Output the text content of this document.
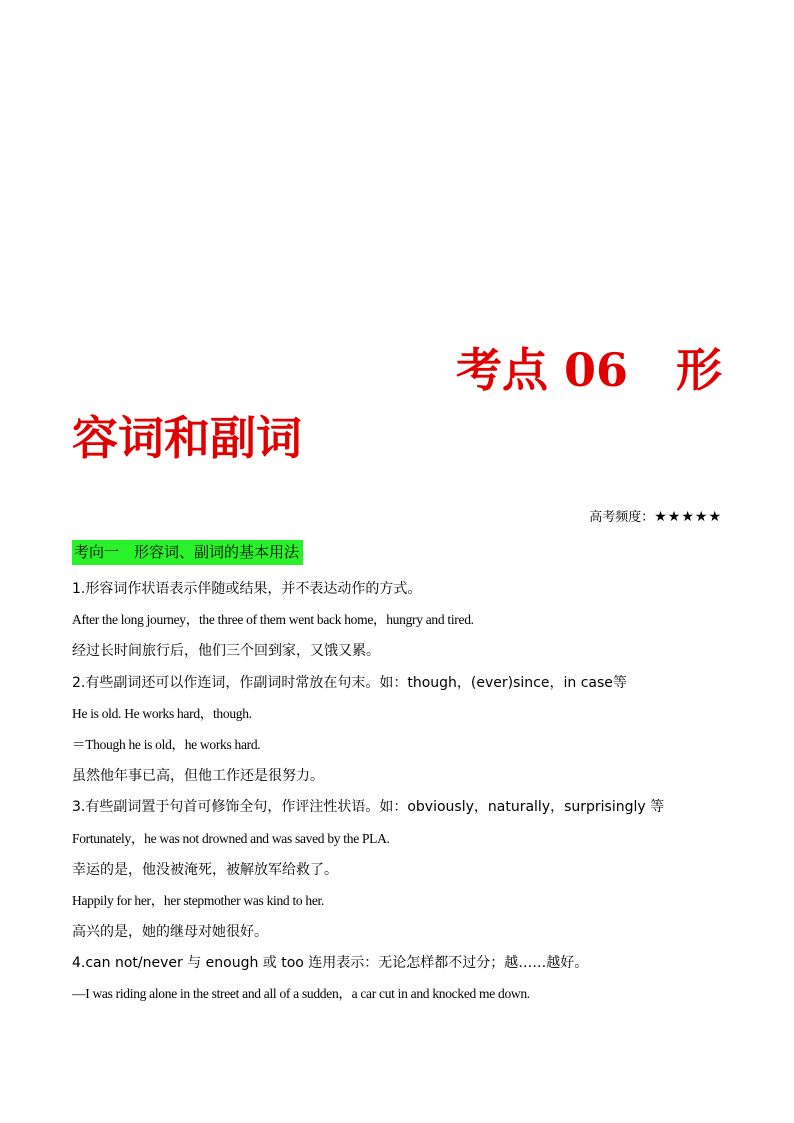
考点 06 形
容词和副词
高考频度：★★★★★
考向一　形容词、副词的基本用法
1.形容词作状语表示伴随或结果，并不表达动作的方式。
After the long journey，the three of them went back home，hungry and tired.
经过长时间旅行后，他们三个回到家，又饿又累。
2.有些副词还可以作连词，作副词时常放在句末。如：though，(ever)since，in case等
He is old. He works hard，though.
＝Though he is old，he works hard.
虽然他年事已高，但他工作还是很努力。
3.有些副词置于句首可修饰全句，作评注性状语。如：obviously，naturally，surprisingly 等
Fortunately，he was not drowned and was saved by the PLA.
幸运的是，他没被淹死，被解放军给救了。
Happily for her，her stepmother was kind to her.
高兴的是，她的继母对她很好。
4.can not/never 与 enough 或 too 连用表示：无论怎样都不过分；越……越好。
—I was riding alone in the street and all of a sudden，a car cut in and knocked me down.
